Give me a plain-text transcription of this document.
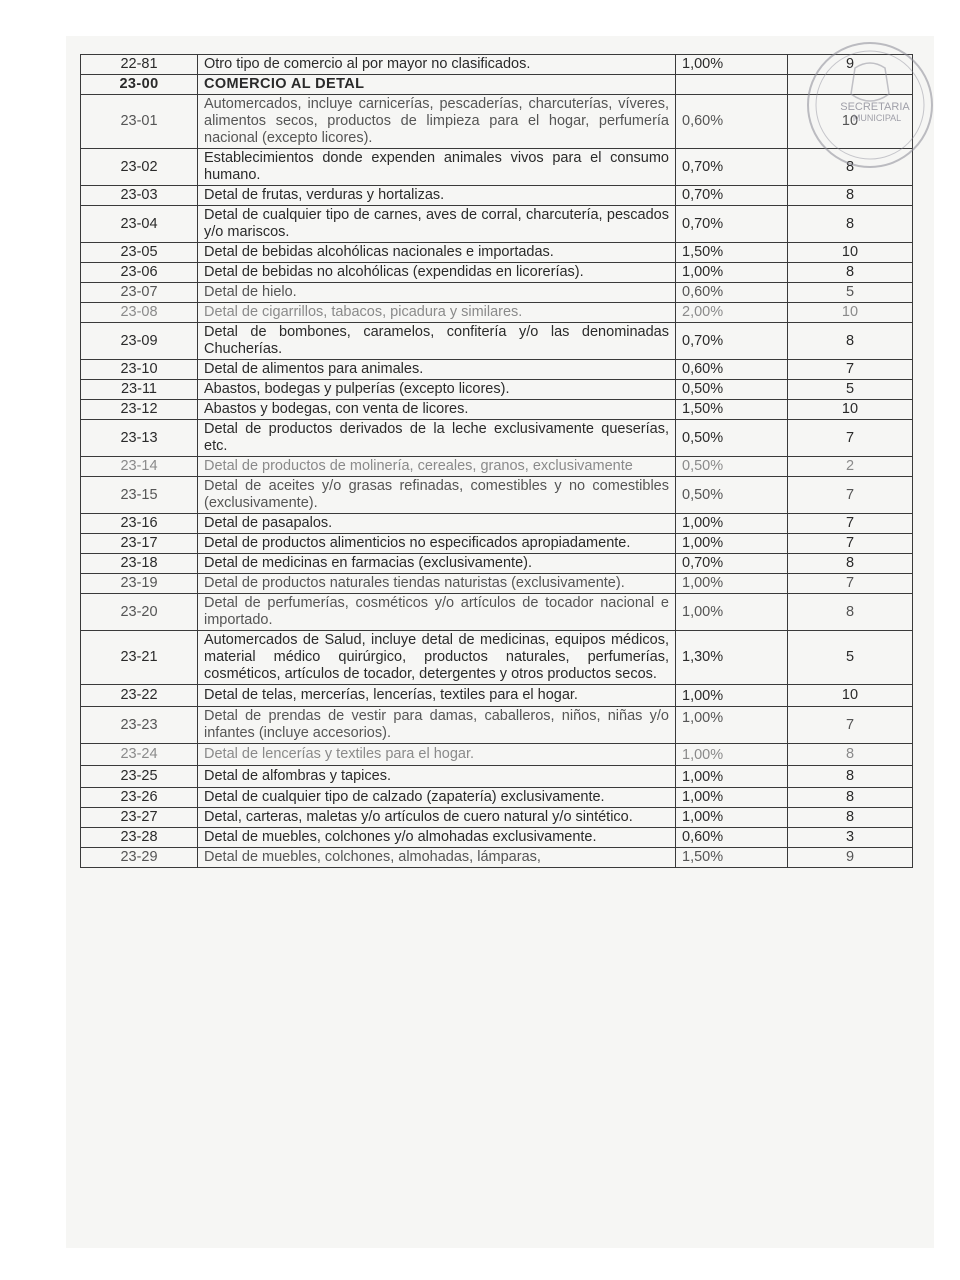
22-81	Otro tipo de comercio al por mayor no clasificados.	1,00%	9
23-00	COMERCIO AL DETAL		
23-01	Automercados, incluye carnicerías, pescaderías, charcuterías, víveres, alimentos secos, productos de limpieza para el hogar, perfumería nacional (excepto licores).	0,60%	10
23-02	Establecimientos donde expenden animales vivos para el consumo humano.	0,70%	8
23-03	Detal de frutas, verduras y hortalizas.	0,70%	8
23-04	Detal de cualquier tipo de carnes, aves de corral, charcutería, pescados y/o mariscos.	0,70%	8
23-05	Detal de bebidas alcohólicas nacionales e importadas.	1,50%	10
23-06	Detal de bebidas no alcohólicas (expendidas en licorerías).	1,00%	8
23-07	Detal de hielo.	0,60%	5
23-08	Detal de cigarrillos, tabacos, picadura y similares.	2,00%	10
23-09	Detal de bombones, caramelos, confitería y/o las denominadas Chucherías.	0,70%	8
23-10	Detal de alimentos para animales.	0,60%	7
23-11	Abastos, bodegas y pulperías (excepto licores).	0,50%	5
23-12	Abastos y bodegas, con venta de licores.	1,50%	10
23-13	Detal de productos derivados de la leche exclusivamente queserías, etc.	0,50%	7
23-14	Detal de productos de molinería, cereales, granos, exclusivamente	0,50%	2
23-15	Detal de aceites y/o grasas refinadas, comestibles y no comestibles (exclusivamente).	0,50%	7
23-16	Detal de pasapalos.	1,00%	7
23-17	Detal de productos alimenticios no especificados apropiadamente.	1,00%	7
23-18	Detal de medicinas en farmacias (exclusivamente).	0,70%	8
23-19	Detal de productos naturales tiendas naturistas (exclusivamente).	1,00%	7
23-20	Detal de perfumerías, cosméticos y/o artículos de tocador nacional e importado.	1,00%	8
23-21	Automercados de Salud, incluye detal de medicinas, equipos médicos, material médico quirúrgico, productos naturales, perfumerías, cosméticos, artículos de tocador, detergentes y otros productos secos.	1,30%	5
23-22	Detal de telas, mercerías, lencerías, textiles para el hogar.	1,00%	10
23-23	Detal de prendas de vestir para damas, caballeros, niños, niñas y/o infantes (incluye accesorios).	1,00%	7
23-24	Detal de lencerías y textiles para el hogar.	1,00%	8
23-25	Detal de alfombras y tapices.	1,00%	8
23-26	Detal de cualquier tipo de calzado (zapatería) exclusivamente.	1,00%	8
23-27	Detal, carteras, maletas y/o artículos de cuero natural y/o sintético.	1,00%	8
23-28	Detal de muebles, colchones y/o almohadas exclusivamente.	0,60%	3
23-29	Detal de muebles, colchones, almohadas, lámparas,	1,50%	9
SECRETARIA
MUNICIPAL
